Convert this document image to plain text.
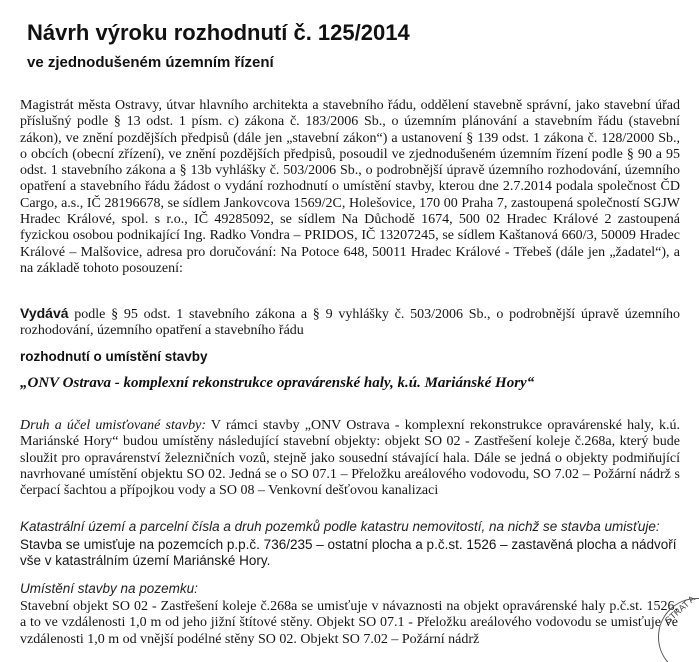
Návrh výroku rozhodnutí č. 125/2014
ve zjednodušeném územním řízení
Magistrát města Ostravy, útvar hlavního architekta a stavebního řádu, oddělení stavebně správní, jako stavební úřad příslušný podle § 13 odst. 1 písm. c) zákona č. 183/2006 Sb., o územním plánování a stavebním řádu (stavební zákon), ve znění pozdějších předpisů (dále jen „stavební zákon“) a ustanovení § 139 odst. 1 zákona č. 128/2000 Sb., o obcích (obecní zřízení), ve znění pozdějších předpisů, posoudil ve zjednodušeném územním řízení podle § 90 a 95 odst. 1 stavebního zákona a § 13b vyhlášky č. 503/2006 Sb., o podrobnější úpravě územního rozhodování, územního opatření a stavebního řádu žádost o vydání rozhodnutí o umístění stavby, kterou dne 2.7.2014 podala společnost ČD Cargo, a.s., IČ 28196678, se sídlem Jankovcova 1569/2C, Holešovice, 170 00 Praha 7, zastoupená společností SGJW Hradec Králové, spol. s r.o., IČ 49285092, se sídlem Na Důchodě 1674, 500 02 Hradec Králové 2 zastoupená fyzickou osobou podnikající Ing. Radko Vondra – PRIDOS, IČ 13207245, se sídlem Kaštanová 660/3, 50009 Hradec Králové – Malšovice, adresa pro doručování: Na Potoce 648, 50011 Hradec Králové - Třebeš (dále jen „žadatel“), a na základě tohoto posouzení:
Vydává podle § 95 odst. 1 stavebního zákona a § 9 vyhlášky č. 503/2006 Sb., o podrobnější úpravě územního rozhodování, územního opatření a stavebního řádu
rozhodnutí o umístění stavby
„ONV Ostrava - komplexní rekonstrukce opravárenské haly, k.ú. Mariánské Hory“
Druh a účel umisťované stavby: V rámci stavby „ONV Ostrava - komplexní rekonstrukce opravárenské haly, k.ú. Mariánské Hory“ budou umístěny následující stavební objekty: objekt SO 02 - Zastřešení koleje č.268a, který bude sloužit pro opravárenství železničních vozů, stejně jako sousední stávající hala. Dále se jedná o objekty podmiňující navrhované umístění objektu SO 02. Jedná se o SO 07.1 – Přeložku areálového vodovodu, SO 7.02 – Požární nádrž s čerpací šachtou a přípojkou vody a SO 08 – Venkovní dešťovou kanalizaci
Katastrální území a parcelní čísla a druh pozemků podle katastru nemovitostí, na nichž se stavba umisťuje:
Stavba se umisťuje na pozemcích p.p.č. 736/235 – ostatní plocha a p.č.st. 1526 – zastavěná plocha a nádvoří vše v katastrálním území Mariánské Hory.
Umístění stavby na pozemku:
Stavební objekt SO 02 - Zastřešení koleje č.268a se umisťuje v návaznosti na objekt opravárenské haly p.č.st. 1526, a to ve vzdálenosti 1,0 m od jeho jižní štítové stěny. Objekt SO 07.1 - Přeložku areálového vodovodu se umisťuje ve vzdálenosti 1,0 m od vnější podélné stěny SO 02. Objekt SO 7.02 – Požární nádrž
STRAT A
